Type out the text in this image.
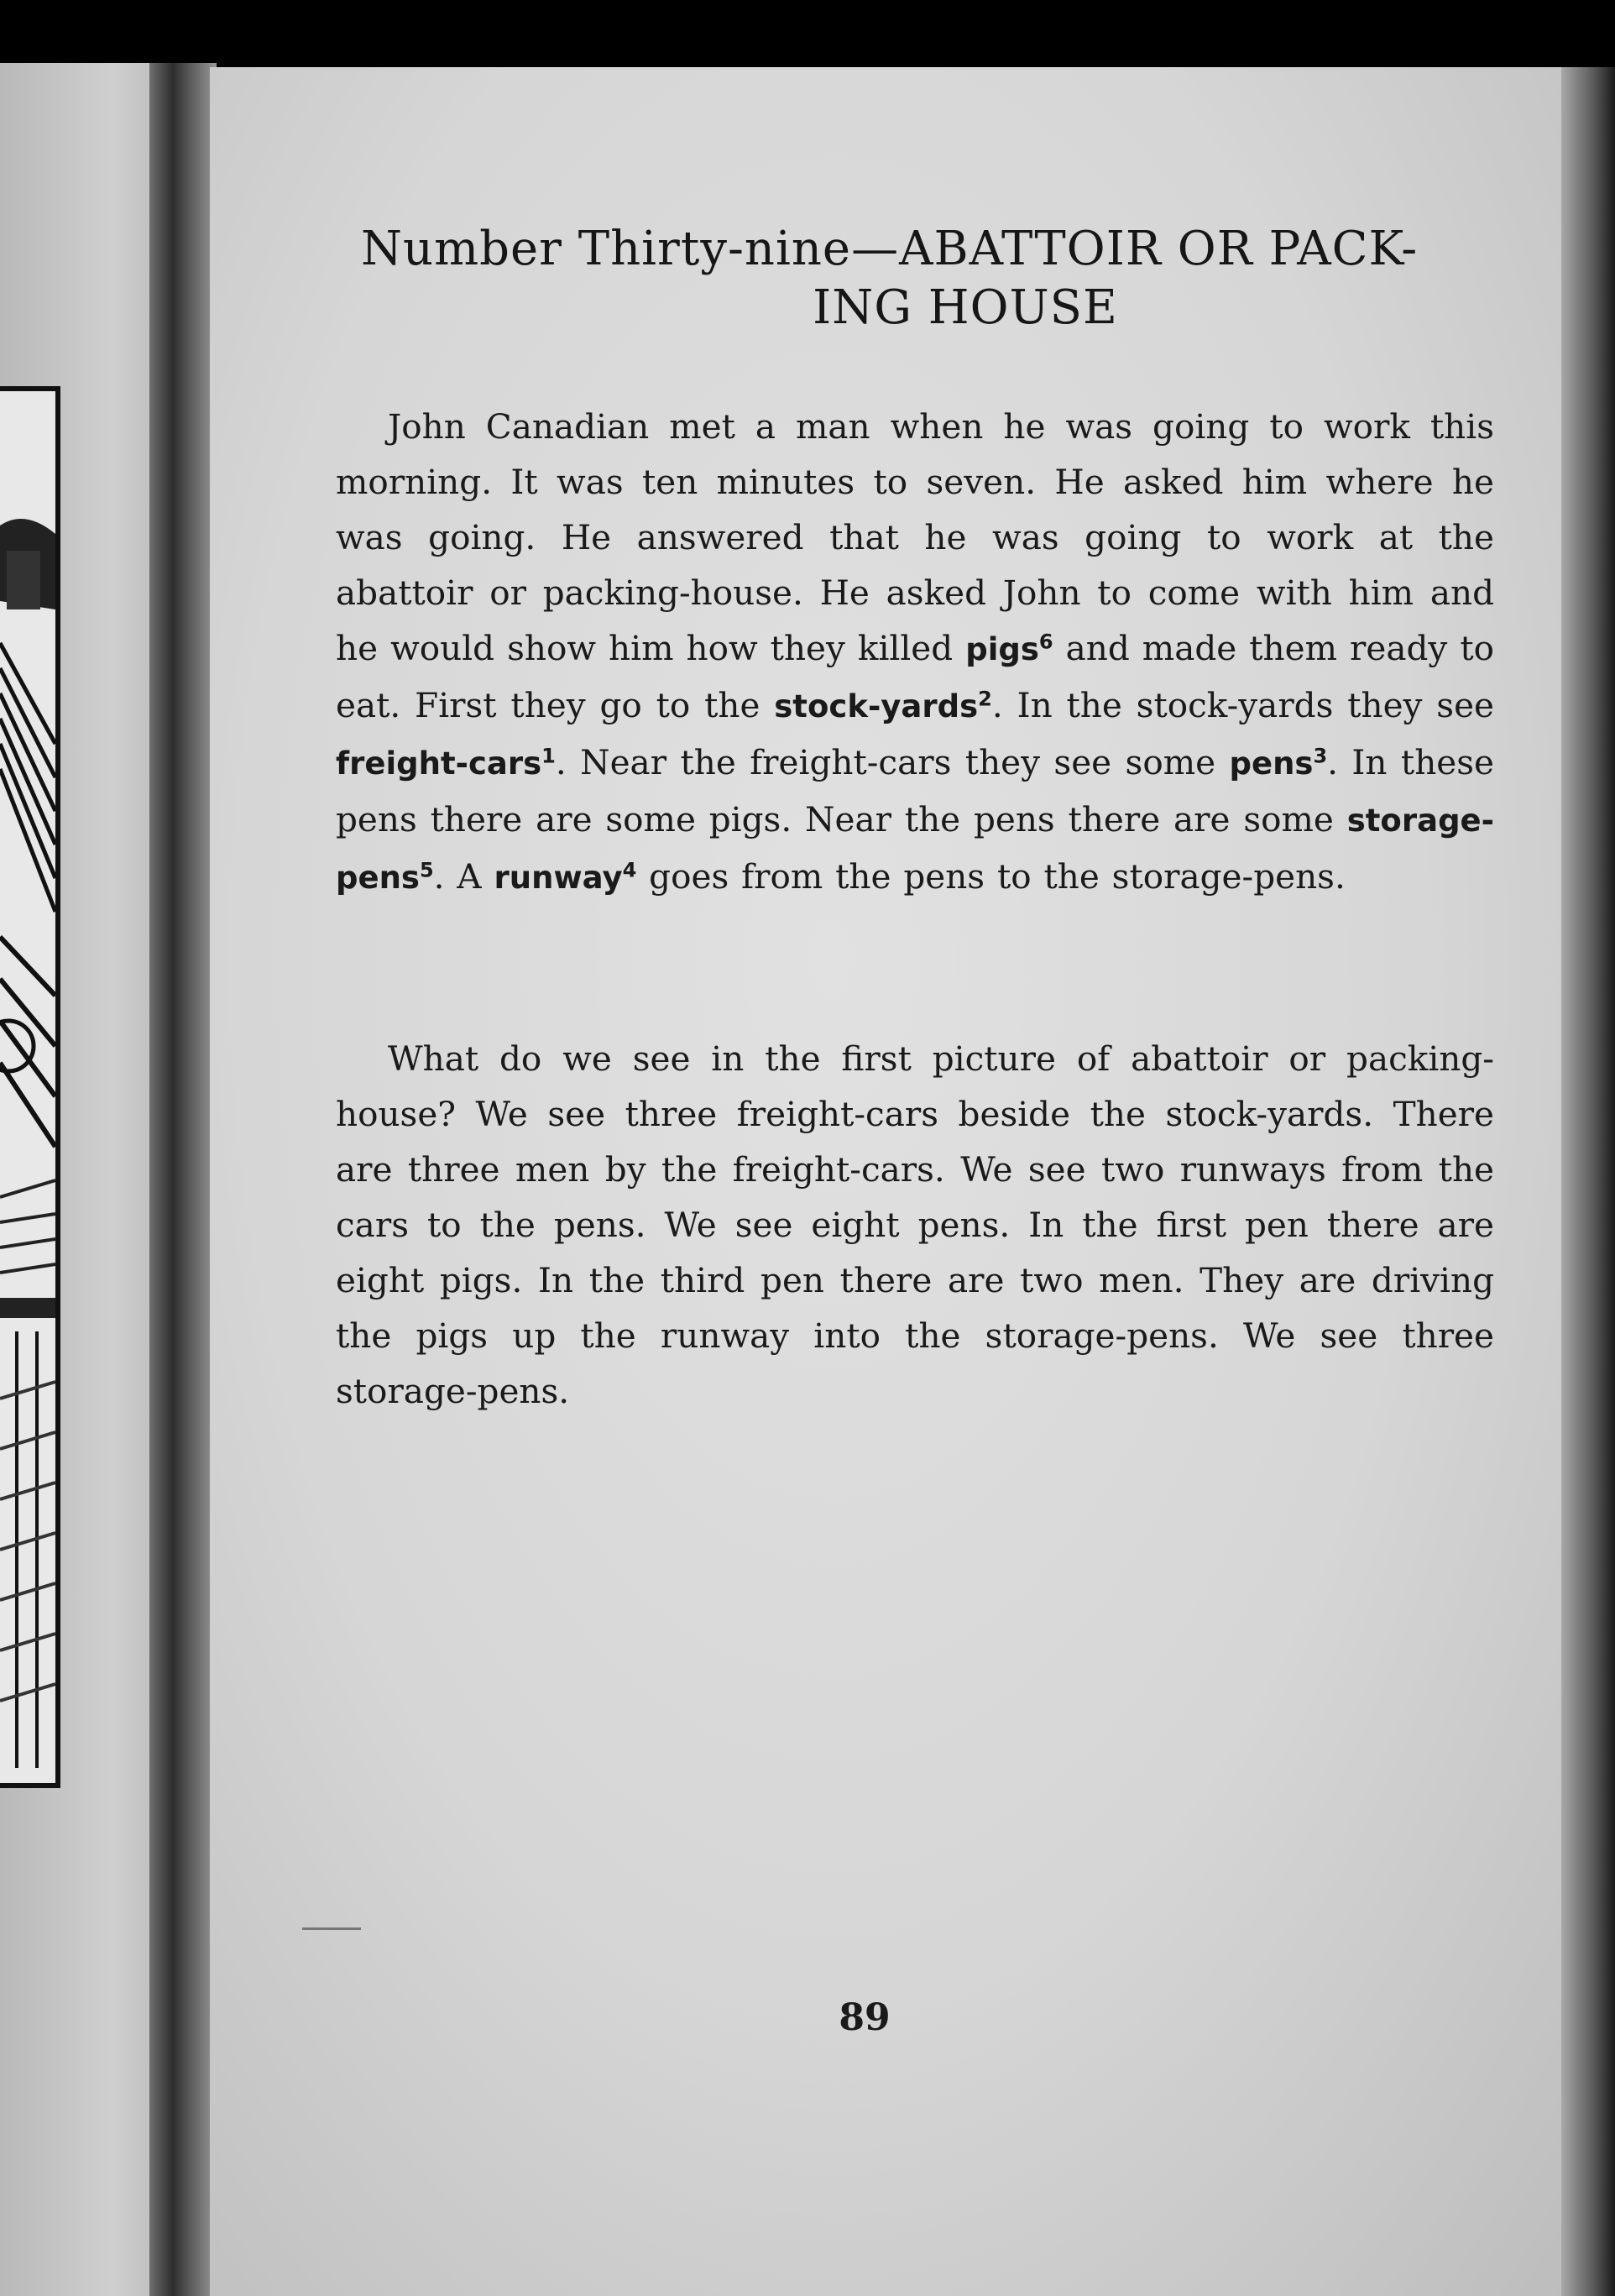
Number Thirty-nine—ABATTOIR OR PACK-
ING HOUSE

John Canadian met a man when he was going to work this morning. It was ten minutes to seven. He asked him where he was going. He answered that he was going to work at the abattoir or packing-house. He asked John to come with him and he would show him how they killed pigs$^6$ and made them ready to eat. First they go to the stock-yards$^2$. In the stock-yards they see freight-cars$^1$. Near the freight-cars they see some pens$^3$. In these pens there are some pigs. Near the pens there are some storage-pens$^5$. A runway$^4$ goes from the pens to the storage-pens.

What do we see in the first picture of abattoir or packing-house? We see three freight-cars beside the stock-yards. There are three men by the freight-cars. We see two runways from the cars to the pens. We see eight pens. In the first pen there are eight pigs. In the third pen there are two men. They are driving the pigs up the runway into the storage-pens. We see three storage-pens.

89
